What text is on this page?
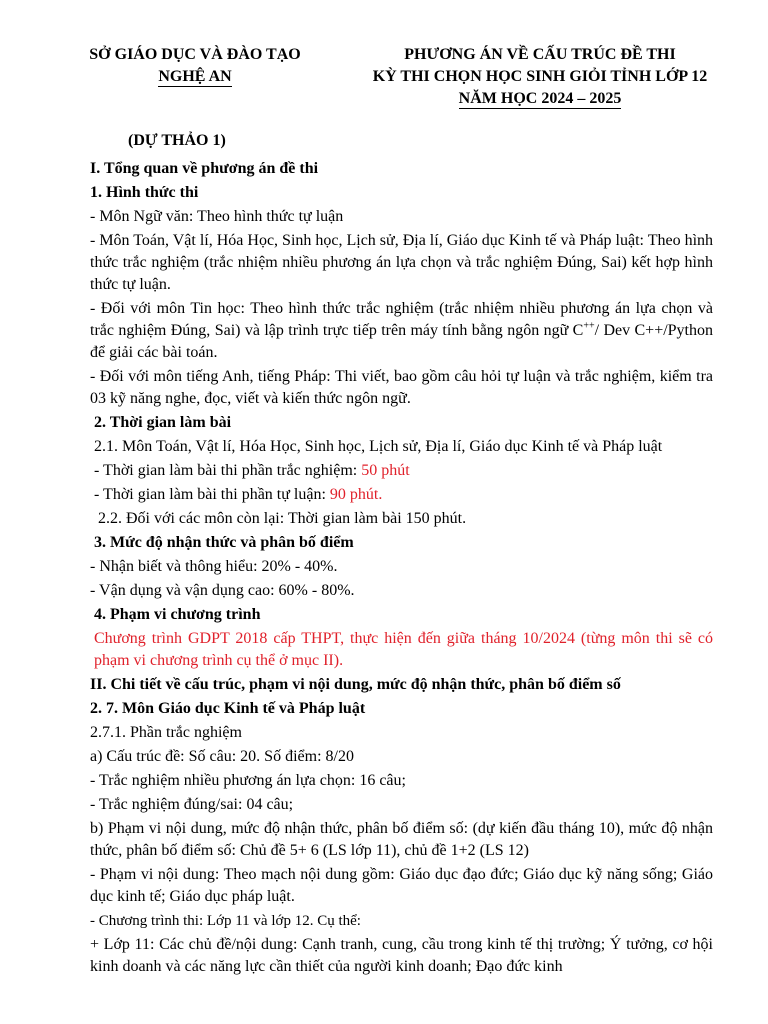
SỞ GIÁO DỤC VÀ ĐÀO TẠO
NGHỆ AN
PHƯƠNG ÁN VỀ CẤU TRÚC ĐỀ THI
KỲ THI CHỌN HỌC SINH GIỎI TỈNH LỚP 12
NĂM HỌC 2024 – 2025
(DỰ THẢO 1)

I. Tổng quan về phương án đề thi

1. Hình thức thi

- Môn Ngữ văn: Theo hình thức tự luận

- Môn Toán, Vật lí, Hóa Học, Sinh học, Lịch sử, Địa lí, Giáo dục Kinh tế và Pháp luật: Theo hình thức trắc nghiệm (trắc nhiệm nhiều phương án lựa chọn và trắc nghiệm Đúng, Sai) kết hợp hình thức tự luận.

- Đối với môn Tin học: Theo hình thức trắc nghiệm (trắc nhiệm nhiều phương án lựa chọn và trắc nghiệm Đúng, Sai) và lập trình trực tiếp trên máy tính bằng ngôn ngữ C++/ Dev C++/Python để giải các bài toán.

- Đối với môn tiếng Anh, tiếng Pháp: Thi viết, bao gồm câu hỏi tự luận và trắc nghiệm, kiểm tra 03 kỹ năng nghe, đọc, viết và kiến thức ngôn ngữ.

2. Thời gian làm bài

2.1. Môn Toán, Vật lí, Hóa Học, Sinh học, Lịch sử, Địa lí, Giáo dục Kinh tế và Pháp luật

- Thời gian làm bài thi phần trắc nghiệm: 50 phút

- Thời gian làm bài thi phần tự luận: 90 phút.

2.2. Đối với các môn còn lại: Thời gian làm bài 150 phút.

3. Mức độ nhận thức và phân bố điểm

- Nhận biết và thông hiểu: 20% - 40%.

- Vận dụng và vận dụng cao: 60% - 80%.

4. Phạm vi chương trình

Chương trình GDPT 2018 cấp THPT, thực hiện đến giữa tháng 10/2024 (từng môn thi sẽ có phạm vi chương trình cụ thể ở mục II).

II. Chi tiết về cấu trúc, phạm vi nội dung, mức độ nhận thức, phân bố điểm số

2. 7. Môn Giáo dục Kinh tế và Pháp luật

2.7.1. Phần trắc nghiệm

a) Cấu trúc đề: Số câu: 20. Số điểm: 8/20

- Trắc nghiệm nhiều phương án lựa chọn: 16 câu;

- Trắc nghiệm đúng/sai: 04 câu;

b) Phạm vi nội dung, mức độ nhận thức, phân bố điểm số: (dự kiến đầu tháng 10), mức độ nhận thức, phân bố điểm số: Chủ đề 5+ 6 (LS lớp 11), chủ đề 1+2 (LS 12)

- Phạm vi nội dung: Theo mạch nội dung gồm: Giáo dục đạo đức; Giáo dục kỹ năng sống; Giáo dục kinh tế; Giáo dục pháp luật.

- Chương trình thi: Lớp 11 và lớp 12. Cụ thể:

+ Lớp 11: Các chủ đề/nội dung: Cạnh tranh, cung, cầu trong kinh tế thị trường; Ý tưởng, cơ hội kinh doanh và các năng lực cần thiết của người kinh doanh; Đạo đức kinh
